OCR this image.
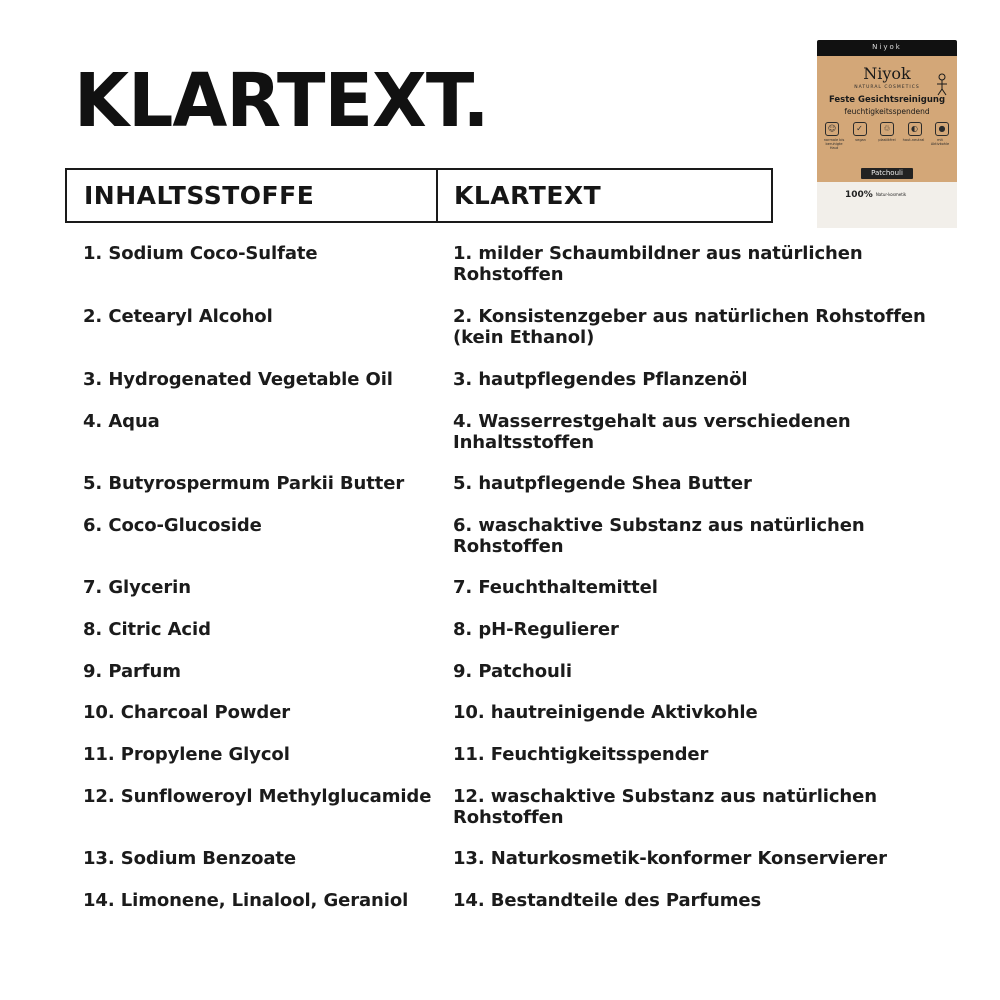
KLARTEXT.
INHALTSSTOFFE	KLARTEXT
1. Sodium Coco-Sulfate	1. milder Schaumbildner aus natürlichen Rohstoffen
2. Cetearyl Alcohol	2. Konsistenzgeber aus natürlichen Rohstoffen (kein Ethanol)
3. Hydrogenated Vegetable Oil	3. hautpflegendes Pflanzenöl
4. Aqua	4. Wasserrestgehalt aus verschiedenen Inhaltsstoffen
5. Butyrospermum Parkii Butter	5. hautpflegende Shea Butter
6. Coco-Glucoside	6. waschaktive Substanz aus natürlichen Rohstoffen
7. Glycerin	7. Feuchthaltemittel
8. Citric Acid	8. pH-Regulierer
9. Parfum	9. Patchouli
10. Charcoal Powder	10. hautreinigende Aktivkohle
11. Propylene Glycol	11. Feuchtigkeitsspender
12. Sunfloweroyl Methylglucamide	12. waschaktive Substanz aus natürlichen Rohstoffen
13. Sodium Benzoate	13. Naturkosmetik-konformer Konservierer
14. Limonene, Linalool, Geraniol	14. Bestandteile des Parfumes
Niyok
Niyok
NATURAL COSMETICS
Feste Gesichtsreinigung
feuchtigkeitsspendend
☺	✓	♲	◐	●
normale bis beruhigte Haut
vegan	plastikfrei	haut-neutral	mit Aktivkohle
Patchouli
100% Natur-kosmetik
